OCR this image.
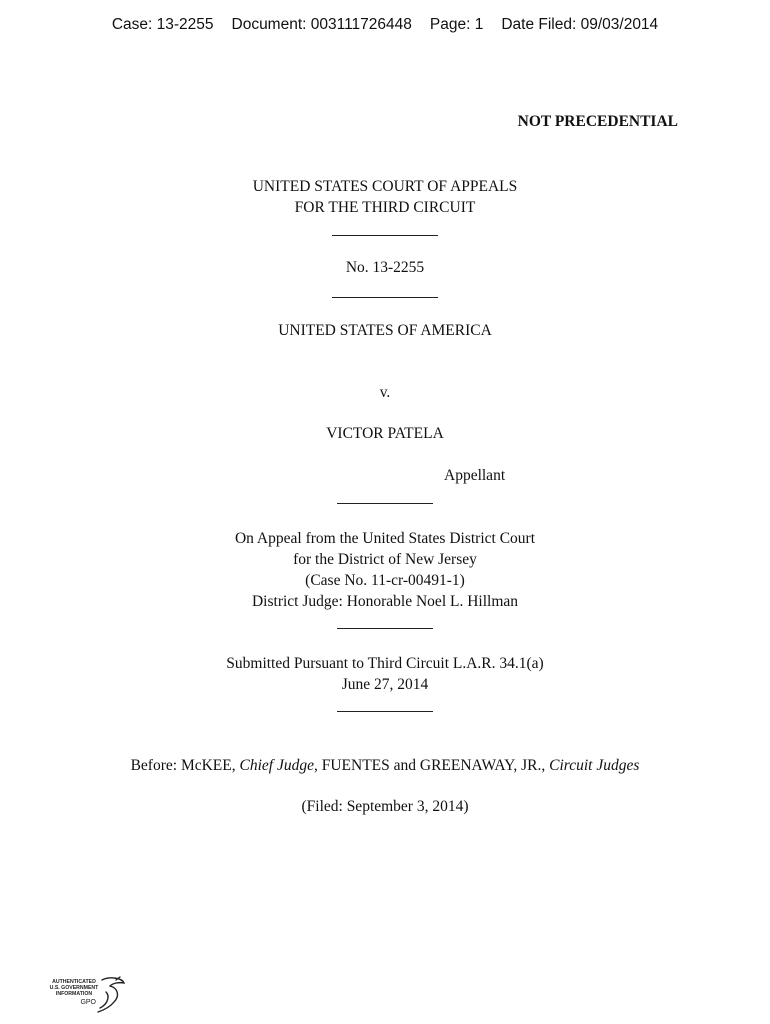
Case: 13-2255 Document: 003111726448 Page: 1 Date Filed: 09/03/2014
NOT PRECEDENTIAL
UNITED STATES COURT OF APPEALS
FOR THE THIRD CIRCUIT
No. 13-2255
UNITED STATES OF AMERICA
v.
VICTOR PATELA
Appellant
On Appeal from the United States District Court
for the District of New Jersey
(Case No. 11-cr-00491-1)
District Judge: Honorable Noel L. Hillman
Submitted Pursuant to Third Circuit L.A.R. 34.1(a)
June 27, 2014
Before: McKEE, Chief Judge, FUENTES and GREENAWAY, JR., Circuit Judges
(Filed: September 3, 2014)
AUTHENTICATED
U.S. GOVERNMENT
INFORMATION
GPO
